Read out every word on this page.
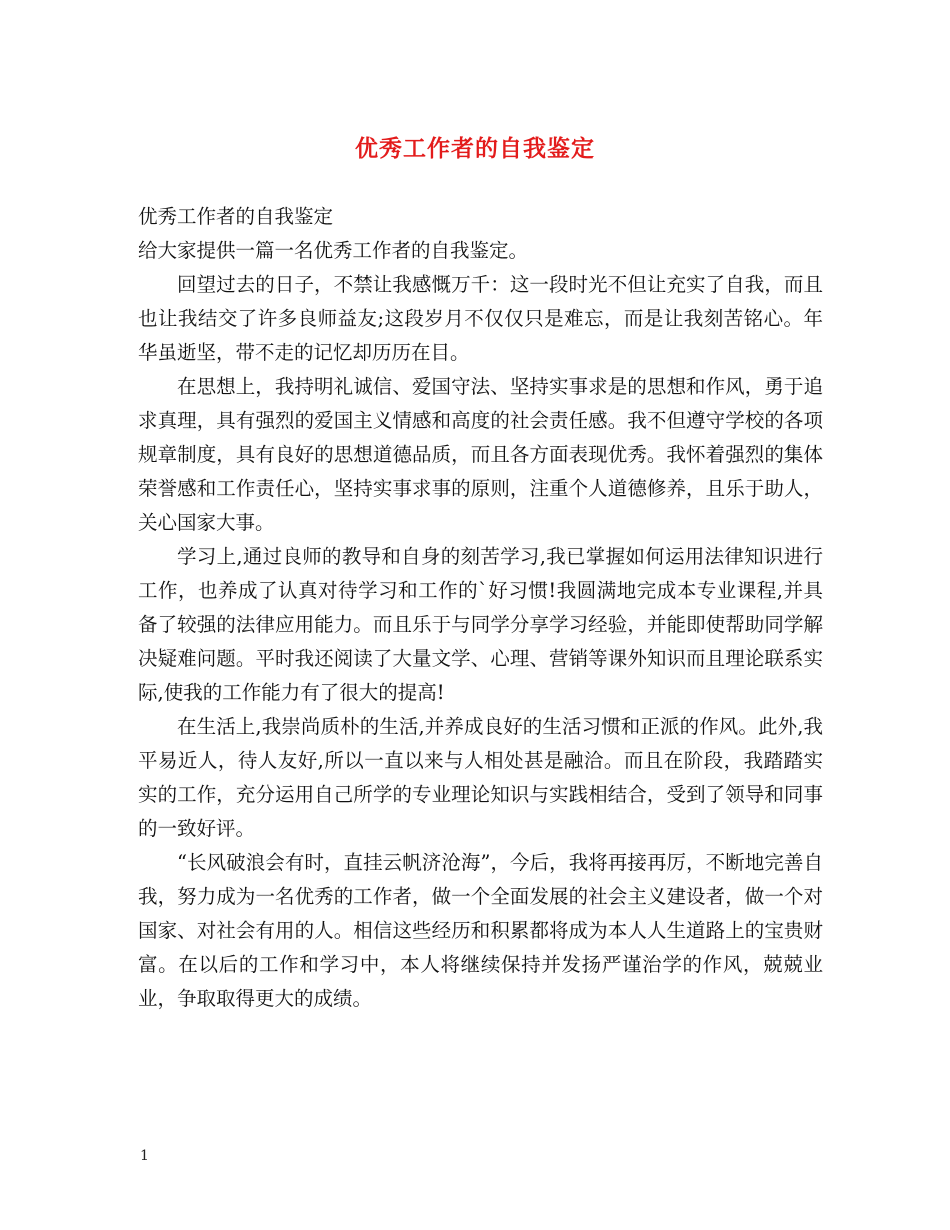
优秀工作者的自我鉴定
优秀工作者的自我鉴定
给大家提供一篇一名优秀工作者的自我鉴定。

回望过去的日子，不禁让我感慨万千：这一段时光不但让充实了自我，而且也让我结交了许多良师益友;这段岁月不仅仅只是难忘，而是让我刻苦铭心。年华虽逝坚，带不走的记忆却历历在目。

在思想上，我持明礼诚信、爱国守法、坚持实事求是的思想和作风，勇于追求真理，具有强烈的爱国主义情感和高度的社会责任感。我不但遵守学校的各项规章制度，具有良好的思想道德品质，而且各方面表现优秀。我怀着强烈的集体荣誉感和工作责任心，坚持实事求事的原则，注重个人道德修养，且乐于助人，关心国家大事。

学习上,通过良师的教导和自身的刻苦学习,我已掌握如何运用法律知识进行工作，也养成了认真对待学习和工作的`好习惯!我圆满地完成本专业课程,并具备了较强的法律应用能力。而且乐于与同学分享学习经验，并能即使帮助同学解决疑难问题。平时我还阅读了大量文学、心理、营销等课外知识而且理论联系实际,使我的工作能力有了很大的提高!

在生活上,我崇尚质朴的生活,并养成良好的生活习惯和正派的作风。此外,我平易近人，待人友好,所以一直以来与人相处甚是融洽。而且在阶段，我踏踏实实的工作，充分运用自己所学的专业理论知识与实践相结合，受到了领导和同事的一致好评。

“长风破浪会有时，直挂云帆济沧海”，今后，我将再接再厉，不断地完善自我，努力成为一名优秀的工作者，做一个全面发展的社会主义建设者，做一个对国家、对社会有用的人。相信这些经历和积累都将成为本人人生道路上的宝贵财富。在以后的工作和学习中，本人将继续保持并发扬严谨治学的作风，兢兢业业，争取取得更大的成绩。

1
